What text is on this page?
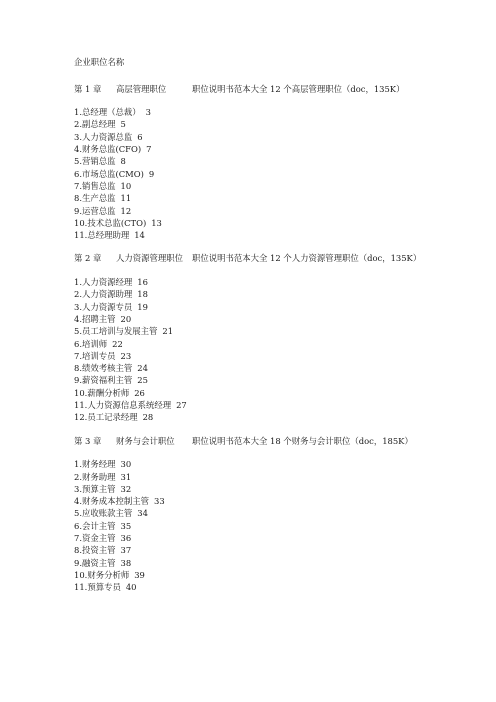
企业职位名称
第 1 章 高层管理职位	职位说明书范本大全 12 个高层管理职位（doc，135K）
1.总经理（总裁） 3
2.副总经理 5
3.人力资源总监 6
4.财务总监(CFO) 7
5.营销总监 8
6.市场总监(CMO) 9
7.销售总监 10
8.生产总监 11
9.运营总监 12
10.技术总监(CTO) 13
11.总经理助理 14
第 2 章 人力资源管理职位 职位说明书范本大全 12 个人力资源管理职位（doc，135K）
1.人力资源经理 16
2.人力资源助理 18
3.人力资源专员 19
4.招聘主管 20
5.员工培训与发展主管 21
6.培训师 22
7.培训专员 23
8.绩效考核主管 24
9.薪资福利主管 25
10.薪酬分析师 26
11.人力资源信息系统经理 27
12.员工记录经理 28
第 3 章 财务与会计职位 职位说明书范本大全 18 个财务与会计职位（doc，185K）
1.财务经理 30
2.财务助理 31
3.预算主管 32
4.财务成本控制主管 33
5.应收账款主管 34
6.会计主管 35
7.资金主管 36
8.投资主管 37
9.融资主管 38
10.财务分析师 39
11.预算专员 40
